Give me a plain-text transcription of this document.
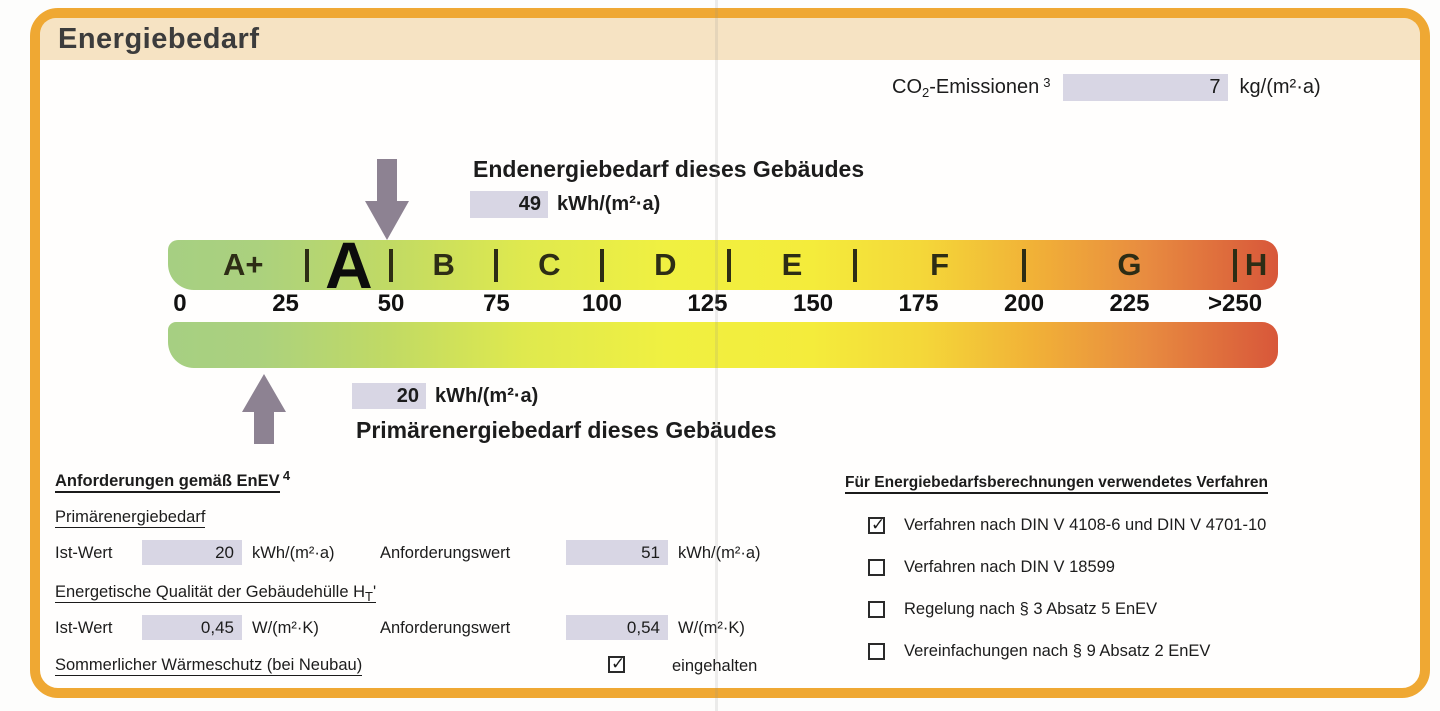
Energiebedarf
$CO_2$-Emissionen  $^3$	7 kg/(m²·a)
Endenergiebedarf dieses Gebäudes
49 kWh/(m²·a)
A+ A B	C	D	E	F	G	H
0	25	50	75	100	125	150	175	200	225 >250
20 kWh/(m²·a)
Primärenergiebedarf dieses Gebäudes
Anforderungen gemäß EnEV  $^4$
Primärenergiebedarf
Ist-Wert	20	kWh/(m²·a)	Anforderungswert	51	kWh/(m²·a)
Energetische Qualität der Gebäudehülle $H_T'$
Ist-Wert	0,45	W/(m²·K)	Anforderungswert	0,54	W/(m²·K)
Sommerlicher Wärmeschutz (bei Neubau) ✓	eingehalten
Für Energiebedarfsberechnungen verwendetes Verfahren
✓
Verfahren nach DIN V 4108-6 und DIN V 4701-10
Verfahren nach DIN V 18599
Regelung nach § 3 Absatz 5 EnEV
Vereinfachungen nach § 9 Absatz 2 EnEV
